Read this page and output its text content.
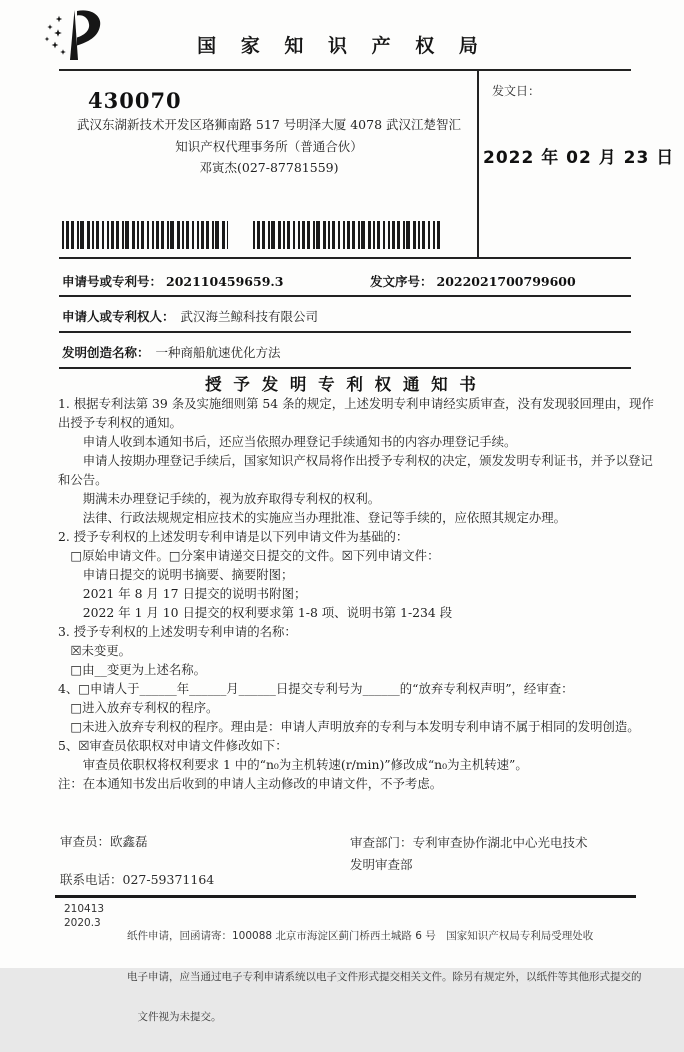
国 家 知 识 产 权 局
430070
武汉东湖新技术开发区珞狮南路 517 号明泽大厦 4078 武汉江楚智汇
知识产权代理事务所（普通合伙）
邓寅杰(027-87781559)
发文日：
2022 年 02 月 23 日
申请号或专利号： 202110459659.3	发文序号： 2022021700799600
申请人或专利权人： 武汉海兰鲸科技有限公司
发明创造名称： 一种商船航速优化方法
授 予 发 明 专 利 权 通 知 书
1. 根据专利法第 39 条及实施细则第 54 条的规定，上述发明专利申请经实质审查，没有发现驳回理由，现作
出授予专利权的通知。
　　申请人收到本通知书后，还应当依照办理登记手续通知书的内容办理登记手续。
　　申请人按期办理登记手续后，国家知识产权局将作出授予专利权的决定，颁发发明专利证书，并予以登记
和公告。
　　期满未办理登记手续的，视为放弃取得专利权的权利。
　　法律、行政法规规定相应技术的实施应当办理批准、登记等手续的，应依照其规定办理。
2. 授予专利权的上述发明专利申请是以下列申请文件为基础的：
　□原始申请文件。□分案申请递交日提交的文件。☒下列申请文件：
　　申请日提交的说明书摘要、摘要附图；
　　2021 年 8 月 17 日提交的说明书附图；
　　2022 年 1 月 10 日提交的权利要求第 1-8 项、说明书第 1-234 段
3. 授予专利权的上述发明专利申请的名称：
　☒未变更。
　□由__变更为上述名称。
4、□申请人于______年______月______日提交专利号为______的“放弃专利权声明”，经审查：
　□进入放弃专利权的程序。
　□未进入放弃专利权的程序。理由是：申请人声明放弃的专利与本发明专利申请不属于相同的发明创造。
5、☒审查员依职权对申请文件修改如下：
　　审查员依职权将权利要求 1 中的“n₀为主机转速(r/min)”修改成“n₀为主机转速”。
注：在本通知书发出后收到的申请人主动修改的申请文件，不予考虑。
审查员：欧鑫磊	审查部门：专利审查协作湖北中心光电技术
发明审查部
联系电话：027-59371164
210413
2020.3

纸件申请，回函请寄：100088 北京市海淀区蓟门桥西土城路 6 号　国家知识产权局专利局受理处收

电子申请，应当通过电子专利申请系统以电子文件形式提交相关文件。除另有规定外，以纸件等其他形式提交的

　文件视为未提交。
